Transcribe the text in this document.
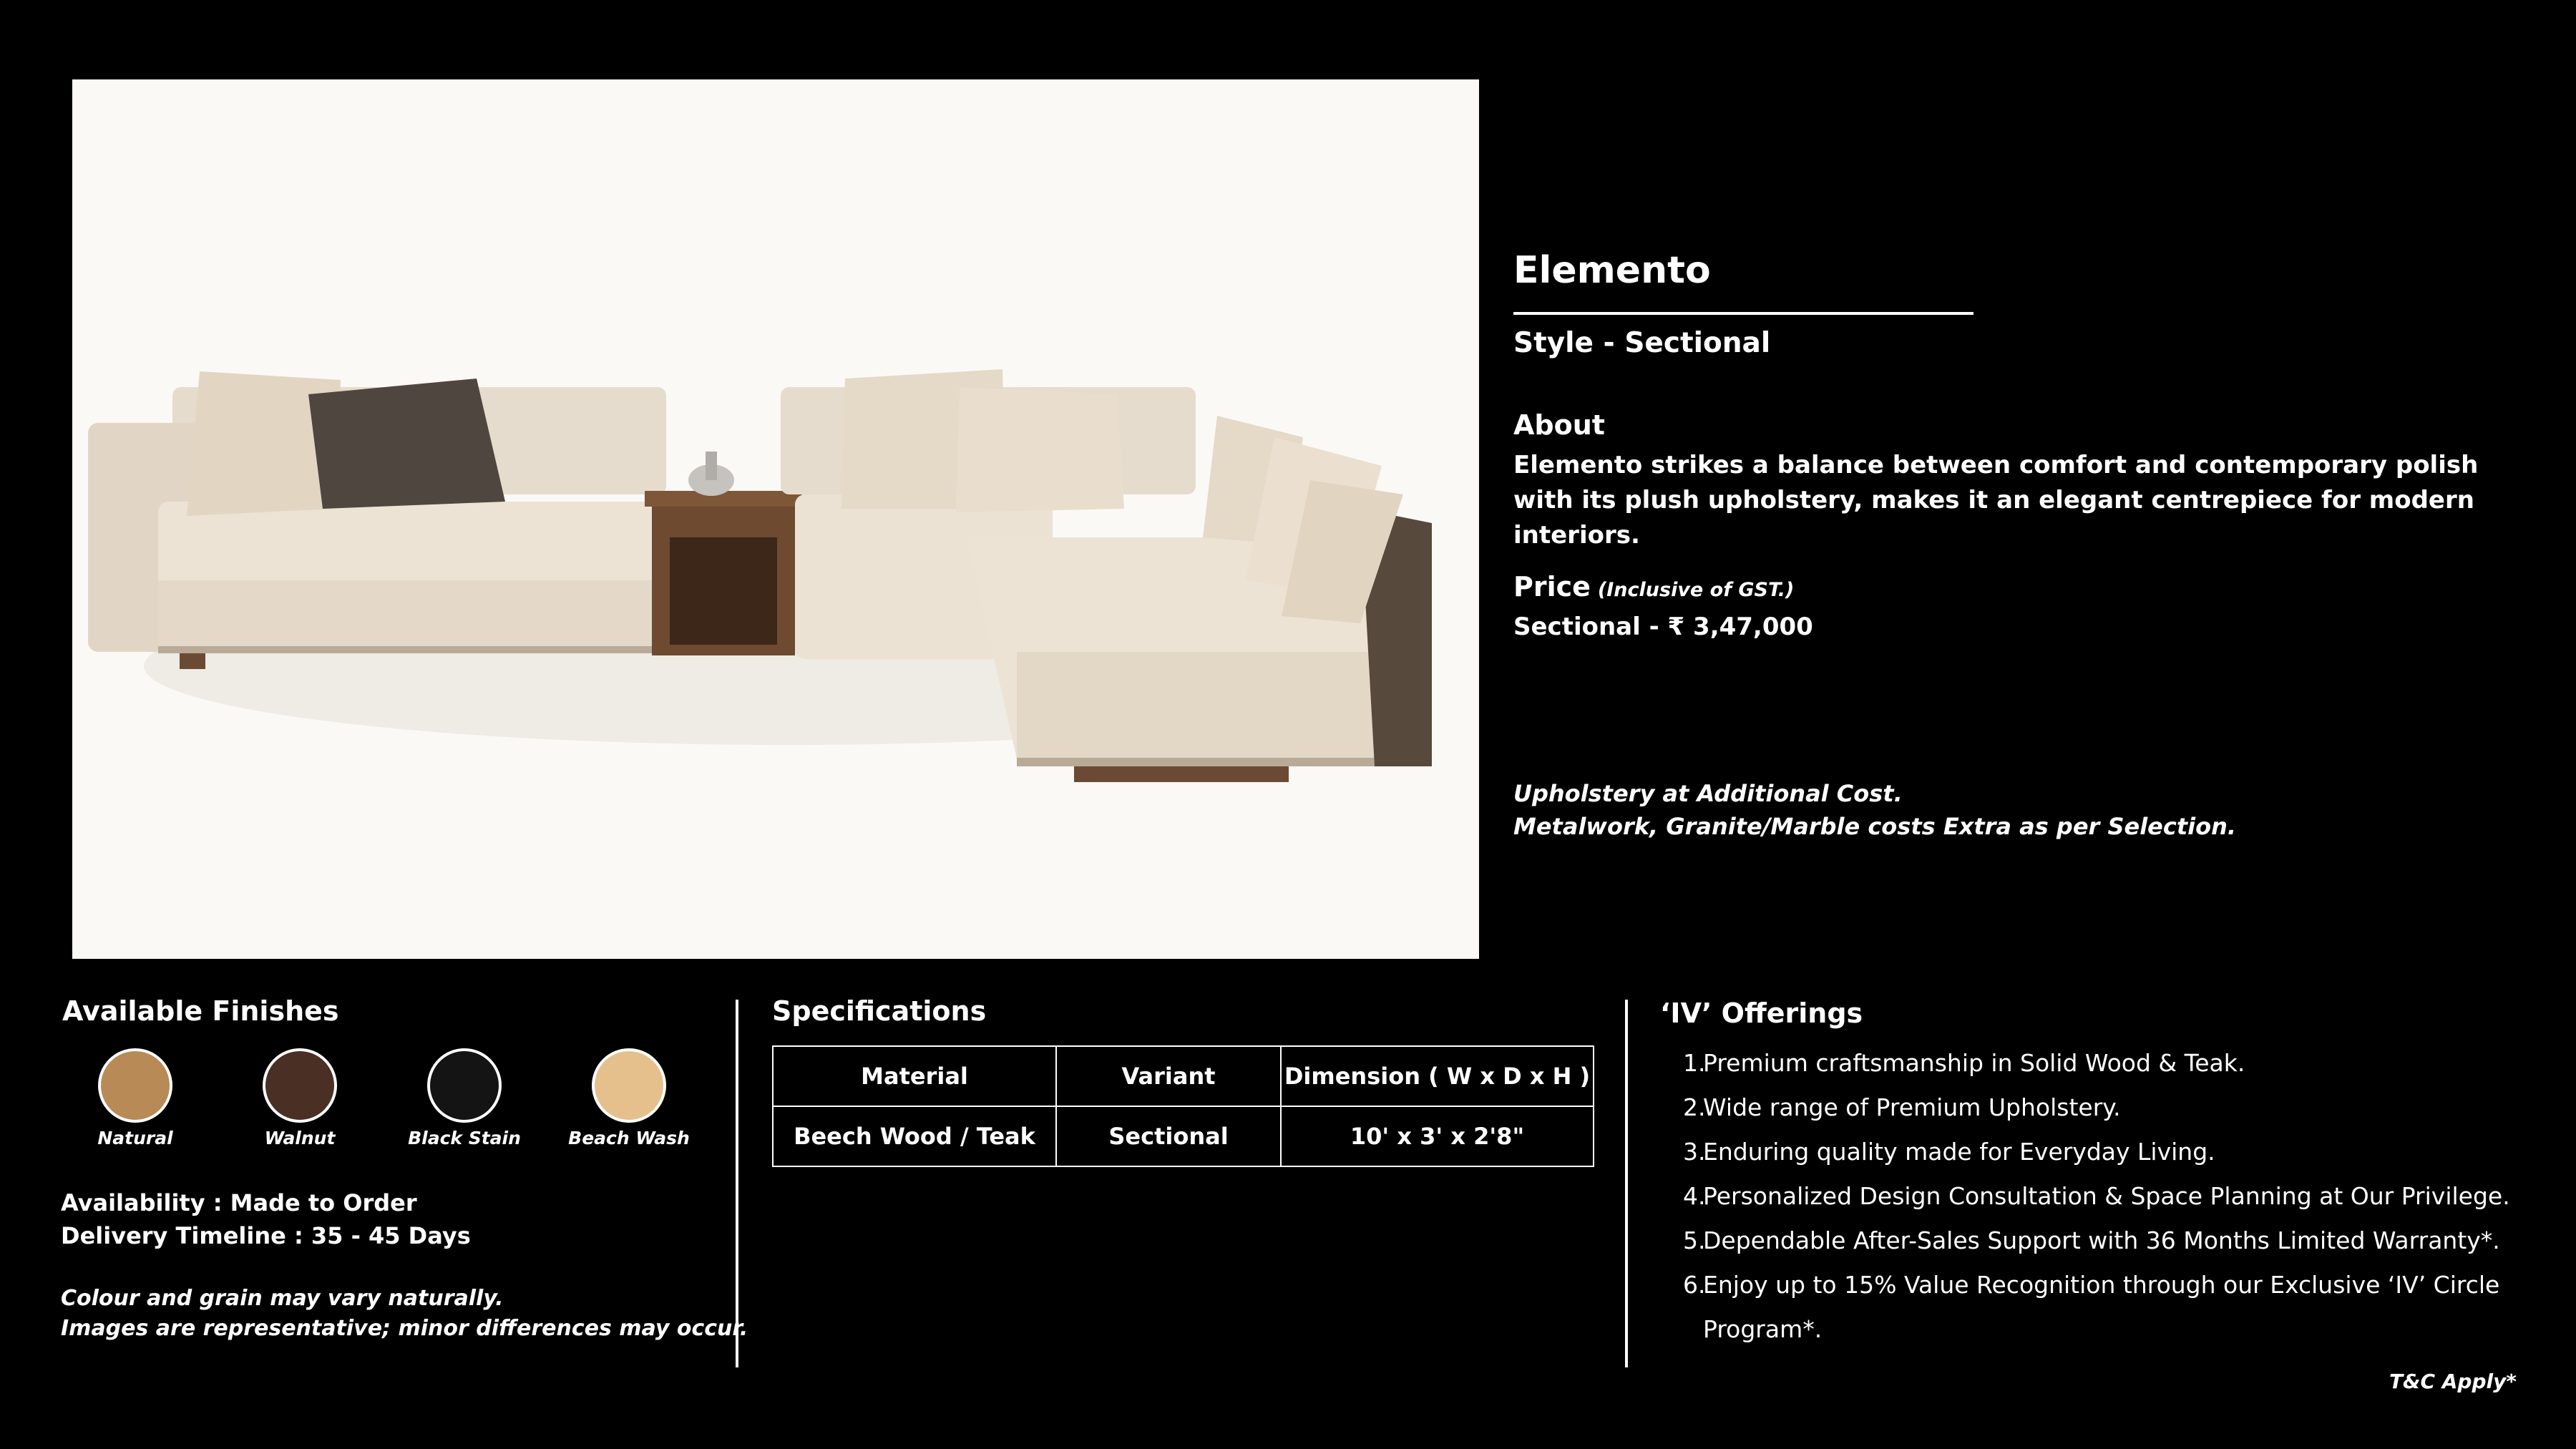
Elemento
Style - Sectional
About
Elemento strikes a balance between comfort and contemporary polish with its plush upholstery, makes it an elegant centrepiece for modern interiors.
Price (Inclusive of GST.)
Sectional - ₹ 3,47,000
Upholstery at Additional Cost.
Metalwork, Granite/Marble costs Extra as per Selection.
Available Finishes
Natural	Walnut	Black Stain	Beach Wash
Availability : Made to Order
Delivery Timeline : 35 - 45 Days
Colour and grain may vary naturally.
Images are representative; minor differences may occur.
Specifications
Material	Variant	Dimension ( W x D x H )
Beech Wood / Teak	Sectional	10' x 3' x 2'8"
‘IV’ Offerings
1.
Premium craftsmanship in Solid Wood & Teak.
2.
Wide range of Premium Upholstery.
3.
Enduring quality made for Everyday Living.
4.
Personalized Design Consultation & Space Planning at Our Privilege.
5.
Dependable After-Sales Support with 36 Months Limited Warranty*.
6.
Enjoy up to 15% Value Recognition through our Exclusive ‘IV’ Circle Program*.
T&C Apply*
